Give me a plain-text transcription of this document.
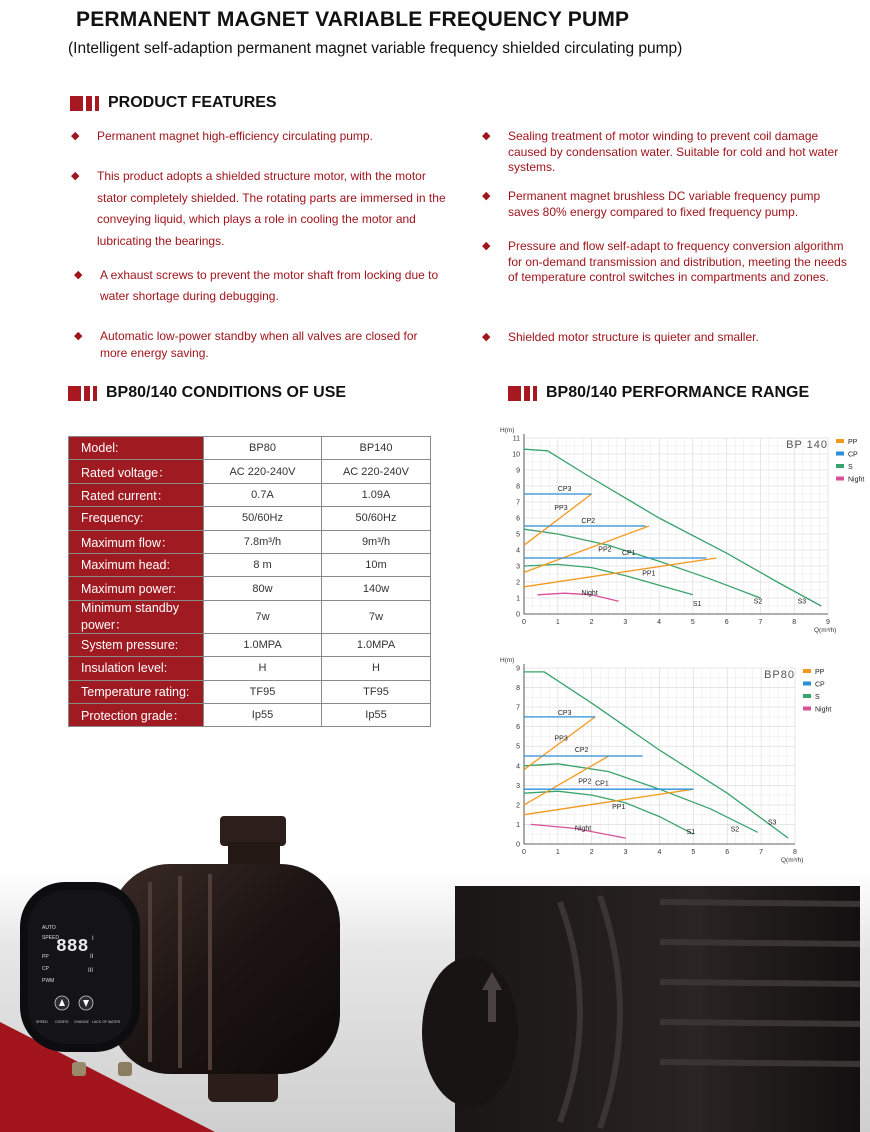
PERMANENT MAGNET VARIABLE FREQUENCY PUMP
(Intelligent self-adaption permanent magnet variable frequency shielded circulating pump)
PRODUCT FEATURES
◆ Permanent magnet high-efficiency circulating pump.
◆ This product adopts a shielded structure motor, with the motor stator completely shielded. The rotating parts are immersed in the conveying liquid, which plays a role in cooling the motor and lubricating the bearings.
◆ A exhaust screws to prevent the motor shaft from locking due to water shortage during debugging.
◆ Automatic low-power standby when all valves are closed for more energy saving.
◆ Sealing treatment of motor winding to prevent coil damage caused by condensation water. Suitable for cold and hot water systems.
◆ Permanent magnet brushless DC variable frequency pump saves 80% energy compared to fixed frequency pump.
◆ Pressure and flow self-adapt to frequency conversion algorithm for on-demand transmission and distribution, meeting the needs of temperature control switches in compartments and zones.
◆ Shielded motor structure is quieter and smaller.
BP80/140 CONDITIONS OF USE	BP80/140 PERFORMANCE RANGE
Model:	BP80	BP140
Rated voltage：	AC 220-240V	AC 220-240V
Rated current：	0.7A	1.09A
Frequency:	50/60Hz	50/60Hz
Maximum flow：	7.8m³/h	9m³/h
Maximum head:	8 m	10m
Maximum power:	80w	140w
Minimum standby power：	7w	7w
System pressure:	1.0MPA	1.0MPA
Insulation level:	H	H
Temperature rating:	TF95	TF95
Protection grade：	Ip55	Ip55
0	1	2	3	4	5	6	7	8	9
0
1
2
3
4
5
6
7
8
9
10
11
H(m)
Q(m³/h)
BP 140
CP3
PP3
CP2
PP2 CP1
PP1
Night
S1	S2	S3
PP
CP
S
Night
0	1	2	3	4	5	6	7	8
0
1
2
3
4
5
6
7
8
9
H(m)
Q(m³/h)
BP80
CP3
PP3
CP2
PP2 CP1
PP1
Night
S1	S2
S3
PP
CP
S
Night
AUTO
SPEED
PP
CP
PWM
888 I
II
III
SPEED CONFIG CHANGE LACK OF WATER
